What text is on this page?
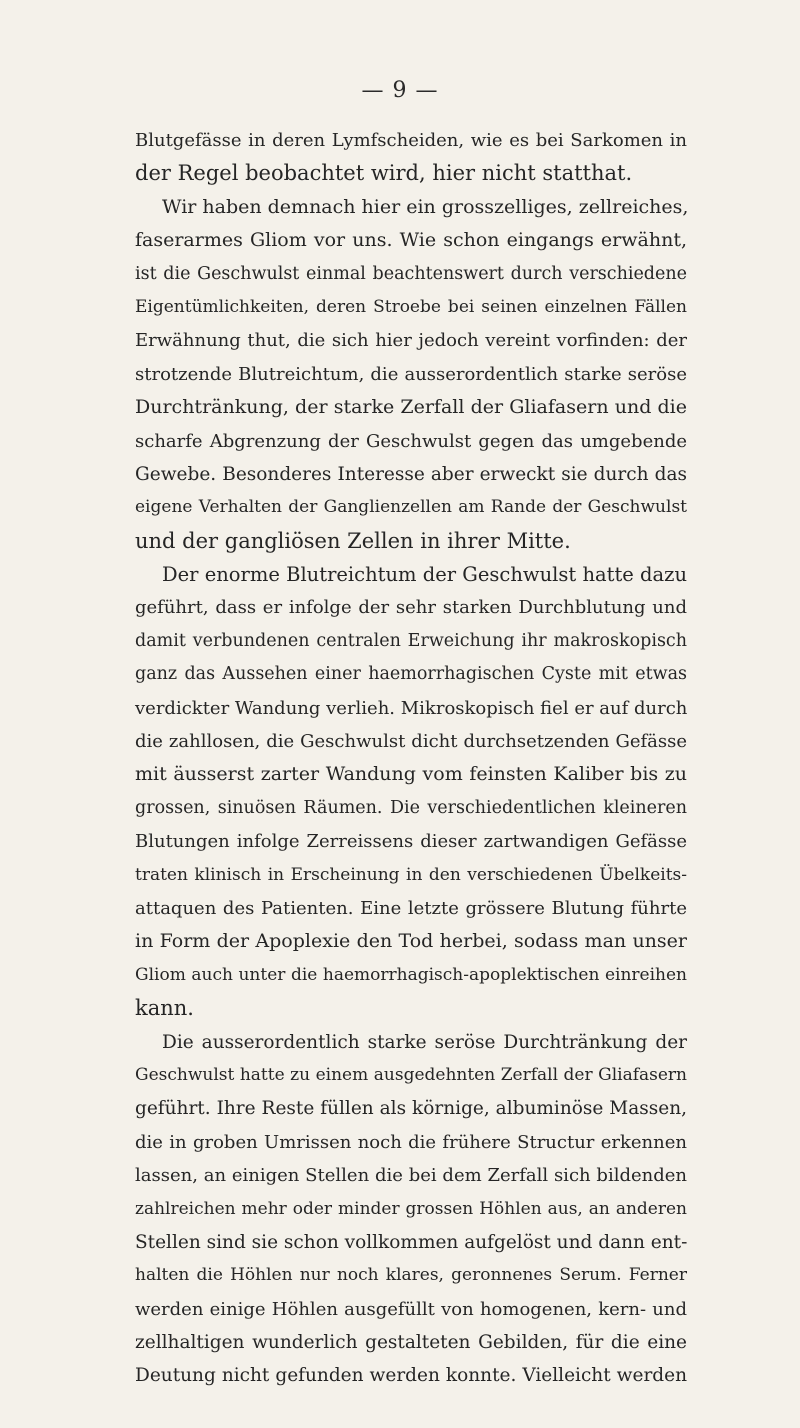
— 9 —
Blutgefässe in deren Lymfscheiden, wie es bei Sarkomen in
der Regel beobachtet wird, hier nicht statthat.
Wir haben demnach hier ein grosszelliges, zellreiches,
faserarmes Gliom vor uns. Wie schon eingangs erwähnt,
ist die Geschwulst einmal beachtenswert durch verschiedene
Eigentümlichkeiten, deren Stroebe bei seinen einzelnen Fällen
Erwähnung thut, die sich hier jedoch vereint vorfinden: der
strotzende Blutreichtum, die ausserordentlich starke seröse
Durchtränkung, der starke Zerfall der Gliafasern und die
scharfe Abgrenzung der Geschwulst gegen das umgebende
Gewebe. Besonderes Interesse aber erweckt sie durch das
eigene Verhalten der Ganglienzellen am Rande der Geschwulst
und der gangliösen Zellen in ihrer Mitte.
Der enorme Blutreichtum der Geschwulst hatte dazu
geführt, dass er infolge der sehr starken Durchblutung und
damit verbundenen centralen Erweichung ihr makroskopisch
ganz das Aussehen einer haemorrhagischen Cyste mit etwas
verdickter Wandung verlieh. Mikroskopisch fiel er auf durch
die zahllosen, die Geschwulst dicht durchsetzenden Gefässe
mit äusserst zarter Wandung vom feinsten Kaliber bis zu
grossen, sinuösen Räumen. Die verschiedentlichen kleineren
Blutungen infolge Zerreissens dieser zartwandigen Gefässe
traten klinisch in Erscheinung in den verschiedenen Übelkeits-
attaquen des Patienten. Eine letzte grössere Blutung führte
in Form der Apoplexie den Tod herbei, sodass man unser
Gliom auch unter die haemorrhagisch-apoplektischen einreihen
kann.
Die ausserordentlich starke seröse Durchtränkung der
Geschwulst hatte zu einem ausgedehnten Zerfall der Gliafasern
geführt. Ihre Reste füllen als körnige, albuminöse Massen,
die in groben Umrissen noch die frühere Structur erkennen
lassen, an einigen Stellen die bei dem Zerfall sich bildenden
zahlreichen mehr oder minder grossen Höhlen aus, an anderen
Stellen sind sie schon vollkommen aufgelöst und dann ent-
halten die Höhlen nur noch klares, geronnenes Serum. Ferner
werden einige Höhlen ausgefüllt von homogenen, kern- und
zellhaltigen wunderlich gestalteten Gebilden, für die eine
Deutung nicht gefunden werden konnte. Vielleicht werden
